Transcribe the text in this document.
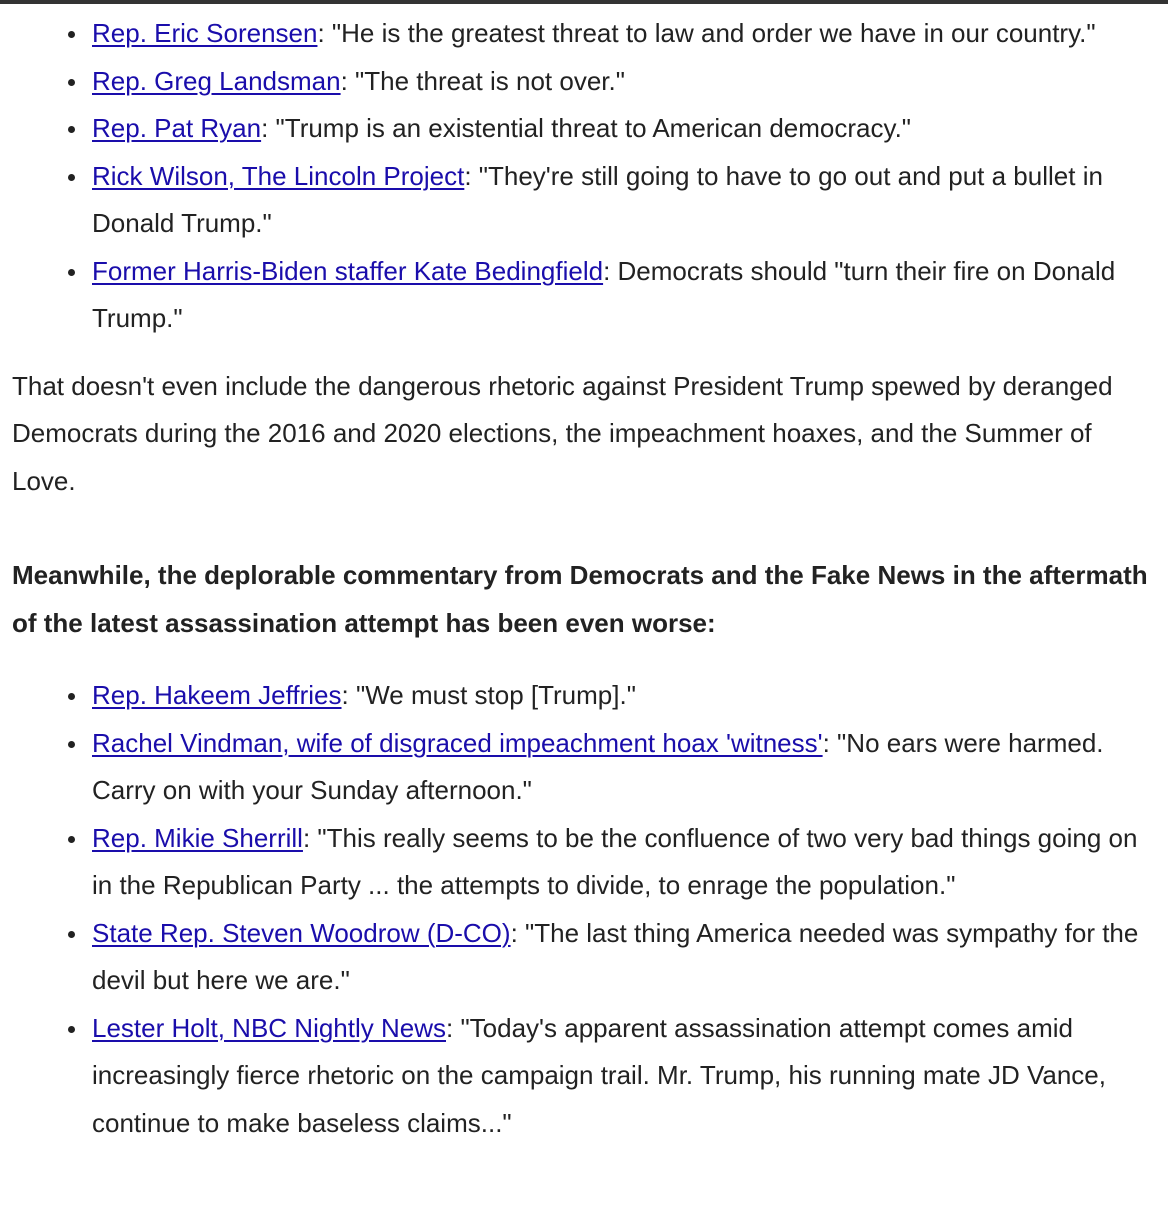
Rep. Eric Sorensen: "He is the greatest threat to law and order we have in our country."
Rep. Greg Landsman: "The threat is not over."
Rep. Pat Ryan: "Trump is an existential threat to American democracy."
Rick Wilson, The Lincoln Project: "They're still going to have to go out and put a bullet in Donald Trump."
Former Harris-Biden staffer Kate Bedingfield: Democrats should "turn their fire on Donald Trump."

That doesn't even include the dangerous rhetoric against President Trump spewed by deranged Democrats during the 2016 and 2020 elections, the impeachment hoaxes, and the Summer of Love.

Meanwhile, the deplorable commentary from Democrats and the Fake News in the aftermath of the latest assassination attempt has been even worse:

Rep. Hakeem Jeffries: "We must stop [Trump]."
Rachel Vindman, wife of disgraced impeachment hoax 'witness': "No ears were harmed. Carry on with your Sunday afternoon."
Rep. Mikie Sherrill: "This really seems to be the confluence of two very bad things going on in the Republican Party ... the attempts to divide, to enrage the population."
State Rep. Steven Woodrow (D-CO): "The last thing America needed was sympathy for the devil but here we are."
Lester Holt, NBC Nightly News: "Today's apparent assassination attempt comes amid increasingly fierce rhetoric on the campaign trail. Mr. Trump, his running mate JD Vance, continue to make baseless claims..."
